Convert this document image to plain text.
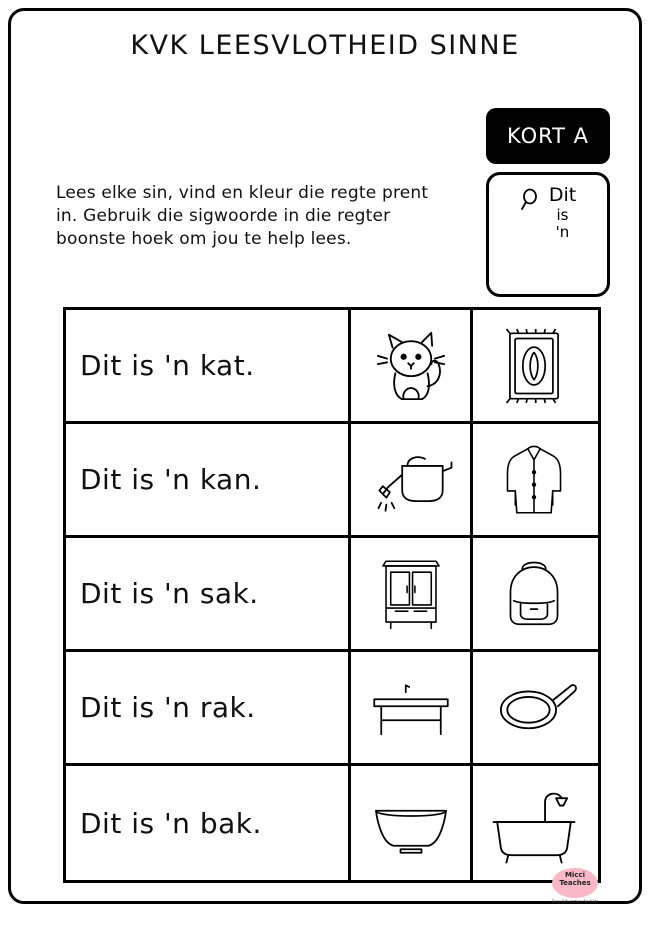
KVK LEESVLOTHEID SINNE
KORT A
Dit
is
'n
Lees elke sin, vind en kleur die regte prent in. Gebruik die sigwoorde in die regter boonste hoek om jou te help lees.
Dit is 'n kat.
Dit is 'n kan.
Dit is 'n sak.
Dit is 'n rak.
Dit is 'n bak.
Micci Teaches
Easy Education for Kids
